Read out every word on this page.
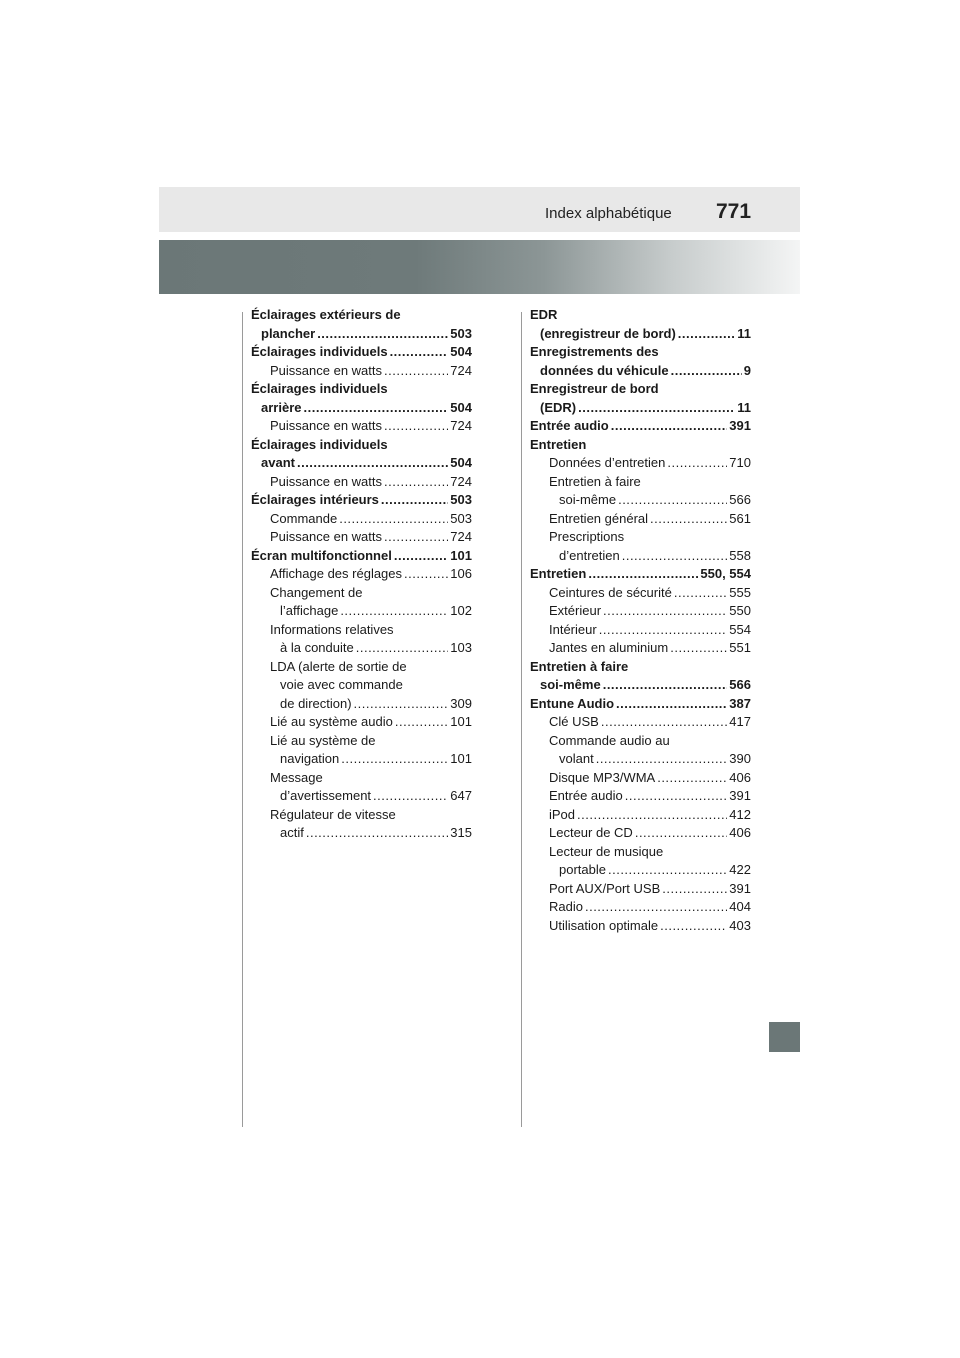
Index alphabétique 771
Éclairages extérieurs de
plancher .....	503
Éclairages individuels .....	504
Puissance en watts .....	724
Éclairages individuels
arrière .....	504
Puissance en watts .....	724
Éclairages individuels
avant .....	504
Puissance en watts .....	724
Éclairages intérieurs .....	503
Commande .....	503
Puissance en watts .....	724
Écran multifonctionnel .....	101
Affichage des réglages .....	106
Changement de
l’affichage .....	102
Informations relatives
à la conduite .....	103
LDA (alerte de sortie de
voie avec commande
de direction) .....	309
Lié au système audio .....	101
Lié au système de
navigation .....	101
Message
d’avertissement .....	647
Régulateur de vitesse
actif .....	315
EDR
(enregistreur de bord) .....	11
Enregistrements des
données du véhicule .....	9
Enregistreur de bord
(EDR) .....	11
Entrée audio .....	391
Entretien
Données d’entretien .....	710
Entretien à faire
soi-même .....	566
Entretien général .....	561
Prescriptions
d’entretien .....	558
Entretien .....	550, 554
Ceintures de sécurité .....	555
Extérieur .....	550
Intérieur .....	554
Jantes en aluminium .....	551
Entretien à faire
soi-même .....	566
Entune Audio .....	387
Clé USB .....	417
Commande audio au
volant .....	390
Disque MP3/WMA .....	406
Entrée audio .....	391
iPod .....	412
Lecteur de CD .....	406
Lecteur de musique
portable .....	422
Port AUX/Port USB .....	391
Radio .....	404
Utilisation optimale .....	403
